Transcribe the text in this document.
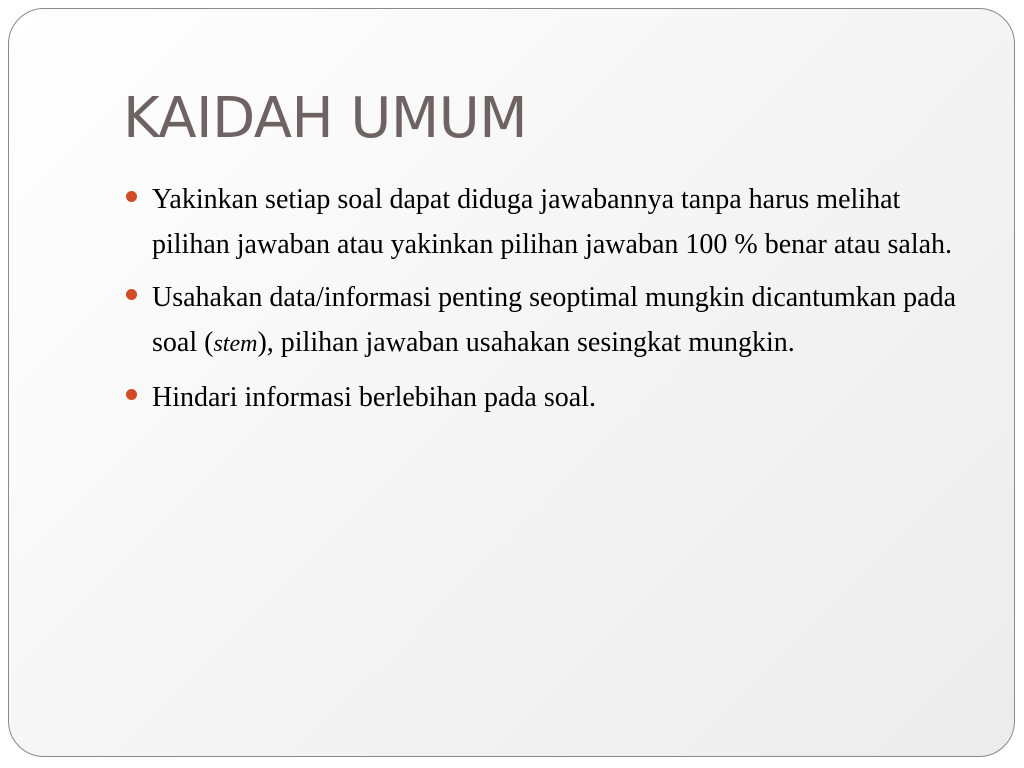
KAIDAH UMUM
Yakinkan setiap soal dapat diduga jawabannya tanpa harus melihat pilihan jawaban atau yakinkan pilihan jawaban 100 % benar atau salah.
Usahakan data/informasi penting seoptimal mungkin dicantumkan pada soal (stem), pilihan jawaban usahakan sesingkat mungkin.
Hindari informasi berlebihan pada soal.
